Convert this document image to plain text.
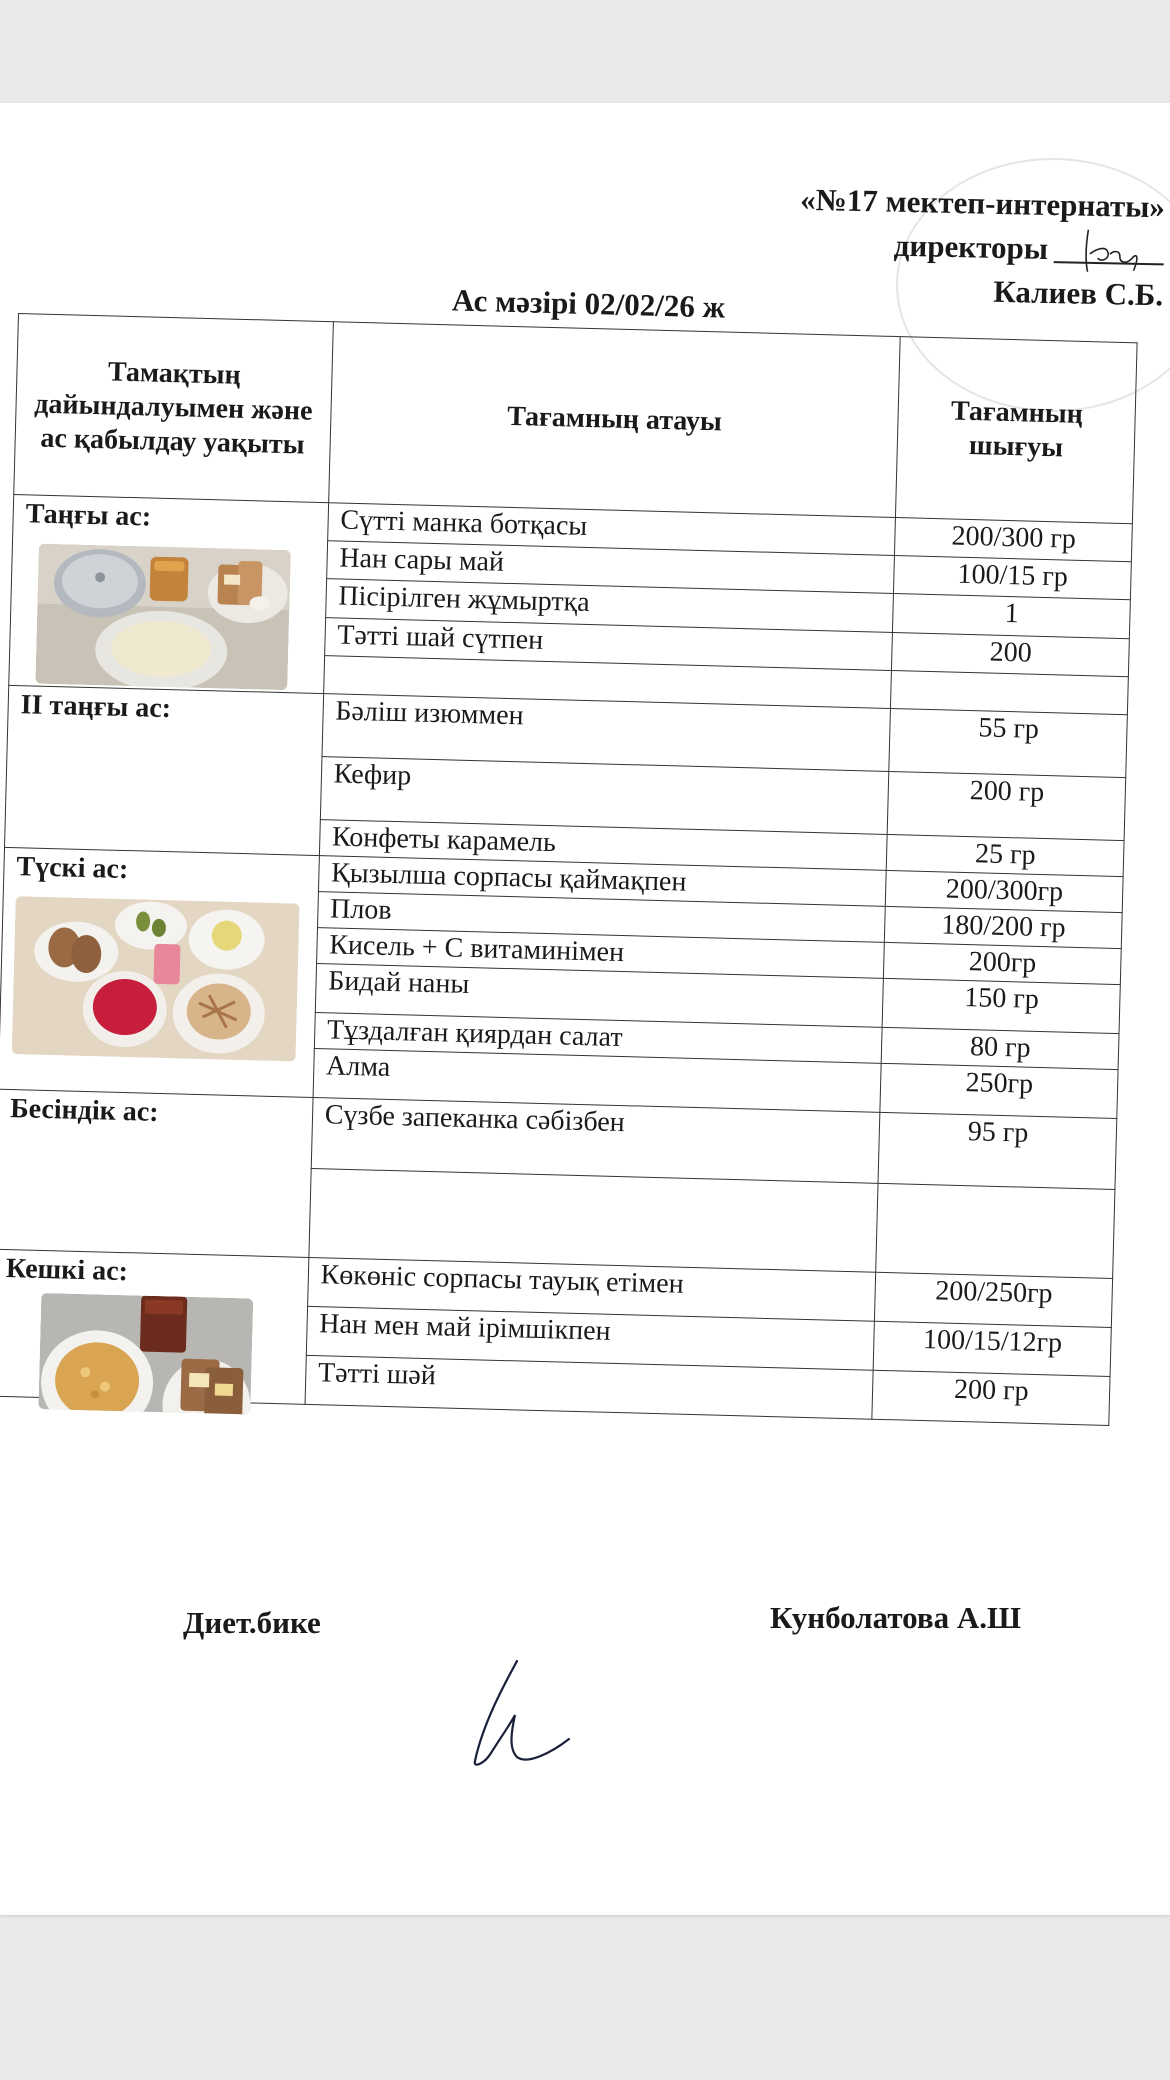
«№17 мектеп-интернаты»
директоры
Калиев С.Б.
Ас мәзірі 02/02/26 ж
Тамақтың дайындалуымен және ас қабылдау уақыты	Тағамның атауы	Тағамның шығуы

Таңғы ас:	Сүтті манка ботқасы	200/300 гр
	Нан сары май	100/15 гр
	Пісірілген жұмыртқа	1
	Тәтті шай сүтпен	200

ІІ таңғы ас:	Бәліш изюммен	55 гр
	Кефир	200 гр
	Конфеты карамель	25 гр

Түскі ас:	Қызылша сорпасы қаймақпен	200/300гр
	Плов	180/200 гр
	Кисель + С витаминімен	200гр
	Бидай наны	150 гр
	Тұздалған қиярдан салат	80 гр
	Алма	250гр

Бесіндік ас:	Сүзбе запеканка сәбізбен	95 гр

Кешкі ас:	Көкөніс сорпасы тауық етімен	200/250гр
	Нан мен май ірімшікпен	100/15/12гр
	Тәтті шәй	200 гр
Диет.бике	Кунболатова А.Ш
